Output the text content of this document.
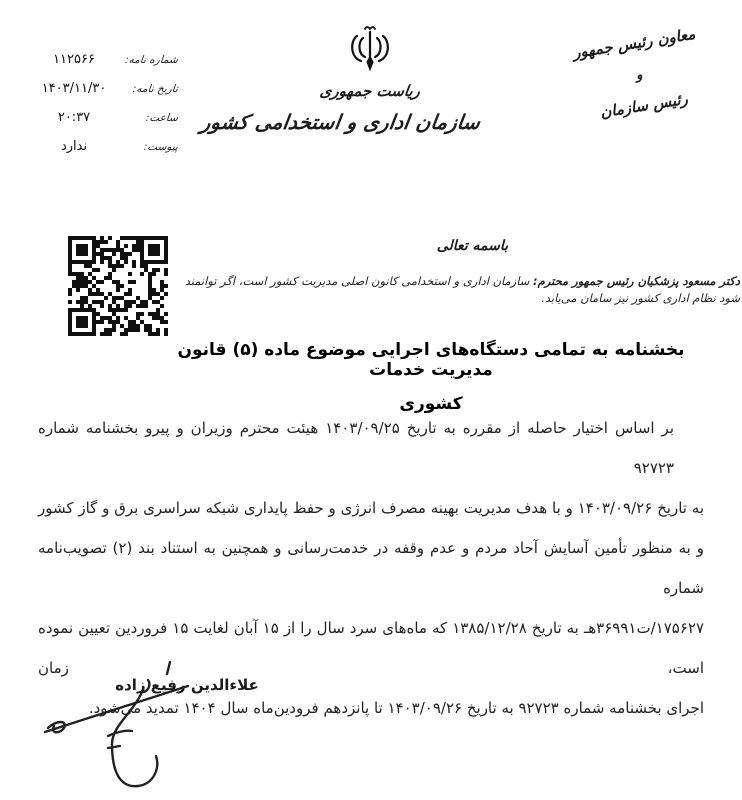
شماره نامه:
۱۱۲۵۶۶
تاریخ نامه:
۱۴۰۳/۱۱/۳۰
ساعت:
۲۰:۳۷
پیوست:
ندارد
ریاست جمهوری
سازمان اداری و استخدامی کشور
معاون رئیس جمهور
و
رئیس سازمان
باسمه تعالی
دکتر مسعود پزشکیان رئیس جمهور محترم: سازمان اداری و استخدامی کانون اصلی مدیریت کشور است، اگر توانمند شود نظام اداری کشور نیز سامان می‌یابد.
بخشنامه به تمامی دستگاه‌های اجرایی موضوع ماده (۵) قانون مدیریت خدمات
کشوری
بر اساس اختیار حاصله از مقرره به تاریخ ۱۴۰۳/۰۹/۲۵ هیئت محترم وزیران و پیرو بخشنامه شماره ۹۲۷۲۳
به تاریخ ۱۴۰۳/۰۹/۲۶ و با هدف مدیریت بهینه مصرف انرژی و حفظ پایداری شبکه سراسری برق و گاز کشور
و به منظور تأمین آسایش آحاد مردم و عدم وقفه در خدمت‌رسانی و همچنین به استناد بند (۲) تصویب‌نامه شماره
۱۷۵۶۲۷/ت۳۶۹۹۱هـ به تاریخ ۱۳۸۵/۱۲/۲۸ که ماه‌های سرد سال را از ۱۵ آبان لغایت ۱۵ فروردین تعیین نموده است، زمان
اجرای بخشنامه شماره ۹۲۷۲۳ به تاریخ ۱۴۰۳/۰۹/۲۶ تا پانزدهم فرودین‌ماه سال ۱۴۰۴ تمدید می‌شود.
علاءالدین رفیع زاده
